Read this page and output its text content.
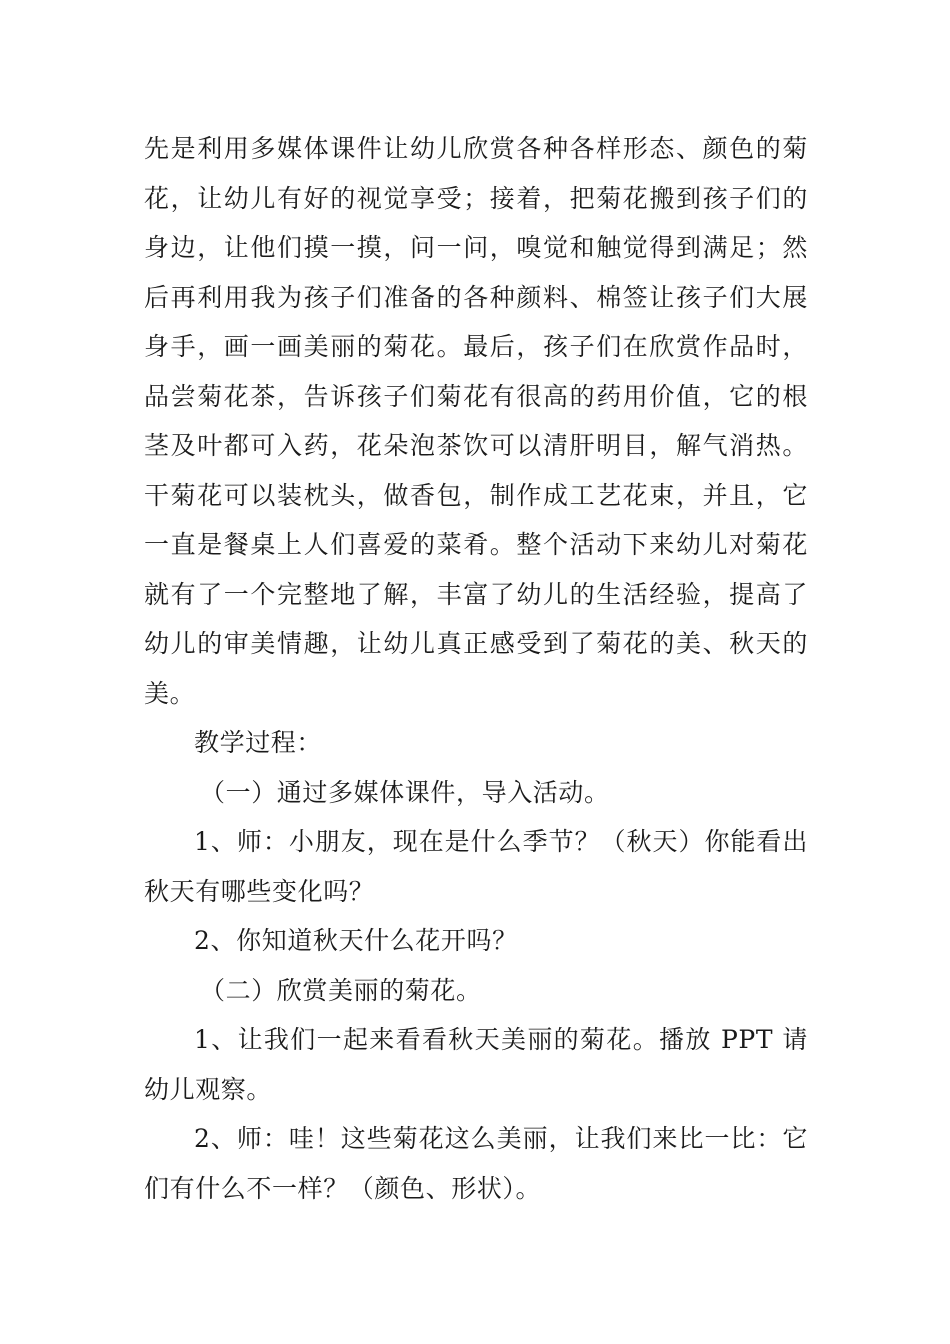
先是利用多媒体课件让幼儿欣赏各种各样形态、颜色的菊花，让幼儿有好的视觉享受；接着，把菊花搬到孩子们的身边，让他们摸一摸，问一问，嗅觉和触觉得到满足；然后再利用我为孩子们准备的各种颜料、棉签让孩子们大展身手，画一画美丽的菊花。最后，孩子们在欣赏作品时，品尝菊花茶，告诉孩子们菊花有很高的药用价值，它的根茎及叶都可入药，花朵泡茶饮可以清肝明目，解气消热。干菊花可以装枕头，做香包，制作成工艺花束，并且，它一直是餐桌上人们喜爱的菜肴。整个活动下来幼儿对菊花就有了一个完整地了解，丰富了幼儿的生活经验，提高了幼儿的审美情趣，让幼儿真正感受到了菊花的美、秋天的美。

教学过程：

（一）通过多媒体课件，导入活动。

1、师：小朋友，现在是什么季节？（秋天）你能看出秋天有哪些变化吗？

2、你知道秋天什么花开吗？

（二）欣赏美丽的菊花。

1、让我们一起来看看秋天美丽的菊花。播放 PPT 请幼儿观察。

2、师：哇！这些菊花这么美丽，让我们来比一比：它们有什么不一样？（颜色、形状）。
